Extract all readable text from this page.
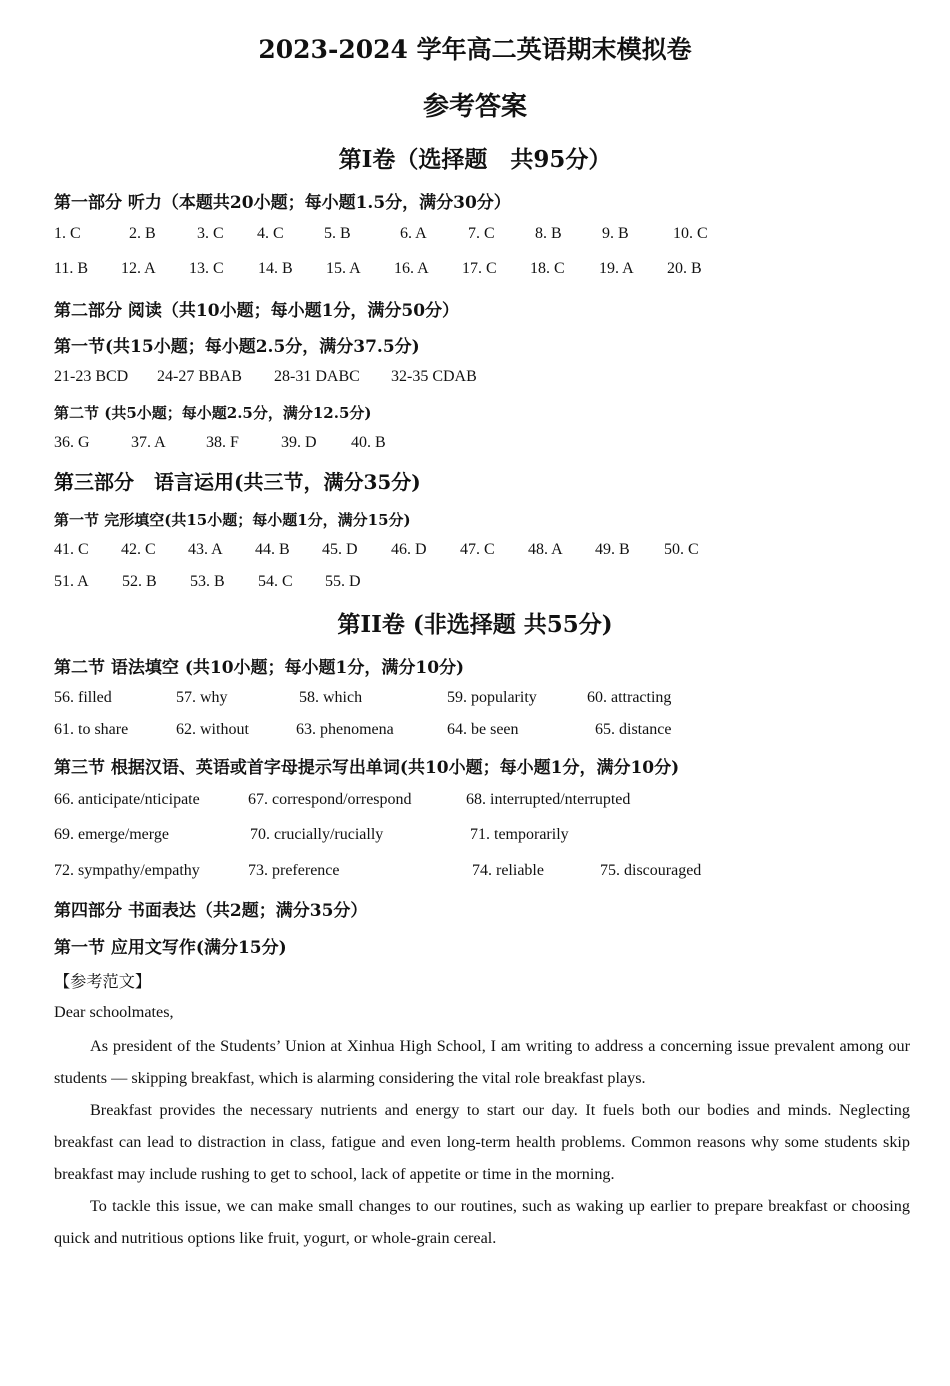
2023-2024 学年高二英语期末模拟卷
参考答案
第I卷（选择题　共95分）
第一部分 听力（本题共20小题；每小题1.5分，满分30分）
1. C	2. B	3. C 4. C	5. B	6. A	7. C	8. B	9. B	10. C
11. B 12. A 13. C 14. B 15. A 16. A 17. C 18. C 19. A 20. B
第二部分 阅读（共10小题；每小题1分，满分50分）
第一节(共15小题；每小题2.5分，满分37.5分)
21-23 BCD 24-27 BBAB 28-31 DABC 32-35 CDAB
第二节 (共5小题；每小题2.5分，满分12.5分)
36. G	37. A	38. F	39. D 40. B
第三部分　语言运用(共三节，满分35分)
第一节 完形填空(共15小题；每小题1分，满分15分)
41. C 42. C 43. A 44. B 45. D 46. D 47. C 48. A 49. B 50. C
51. A 52. B 53. B 54. C 55. D
第II卷 (非选择题 共55分)
第二节 语法填空 (共10小题；每小题1分，满分10分)
56. filled	57. why	58. which	59. popularity	60. attracting
61. to share	62. without	63. phenomena	64. be seen	65. distance
第三节 根据汉语、英语或首字母提示写出单词(共10小题；每小题1分，满分10分)
66. anticipate/nticipate	67. correspond/orrespond	68. interrupted/nterrupted
69. emerge/merge	70. crucially/rucially	71. temporarily
72. sympathy/empathy	73. preference	74. reliable	75. discouraged
第四部分 书面表达（共2题；满分35分）
第一节 应用文写作(满分15分)
【参考范文】
Dear schoolmates,
As president of the Students’ Union at Xinhua High School, I am writing to address a concerning issue prevalent among our students — skipping breakfast, which is alarming considering the vital role breakfast plays.
Breakfast provides the necessary nutrients and energy to start our day. It fuels both our bodies and minds. Neglecting breakfast can lead to distraction in class, fatigue and even long-term health problems. Common reasons why some students skip breakfast may include rushing to get to school, lack of appetite or time in the morning.
To tackle this issue, we can make small changes to our routines, such as waking up earlier to prepare breakfast or choosing quick and nutritious options like fruit, yogurt, or whole-grain cereal.
